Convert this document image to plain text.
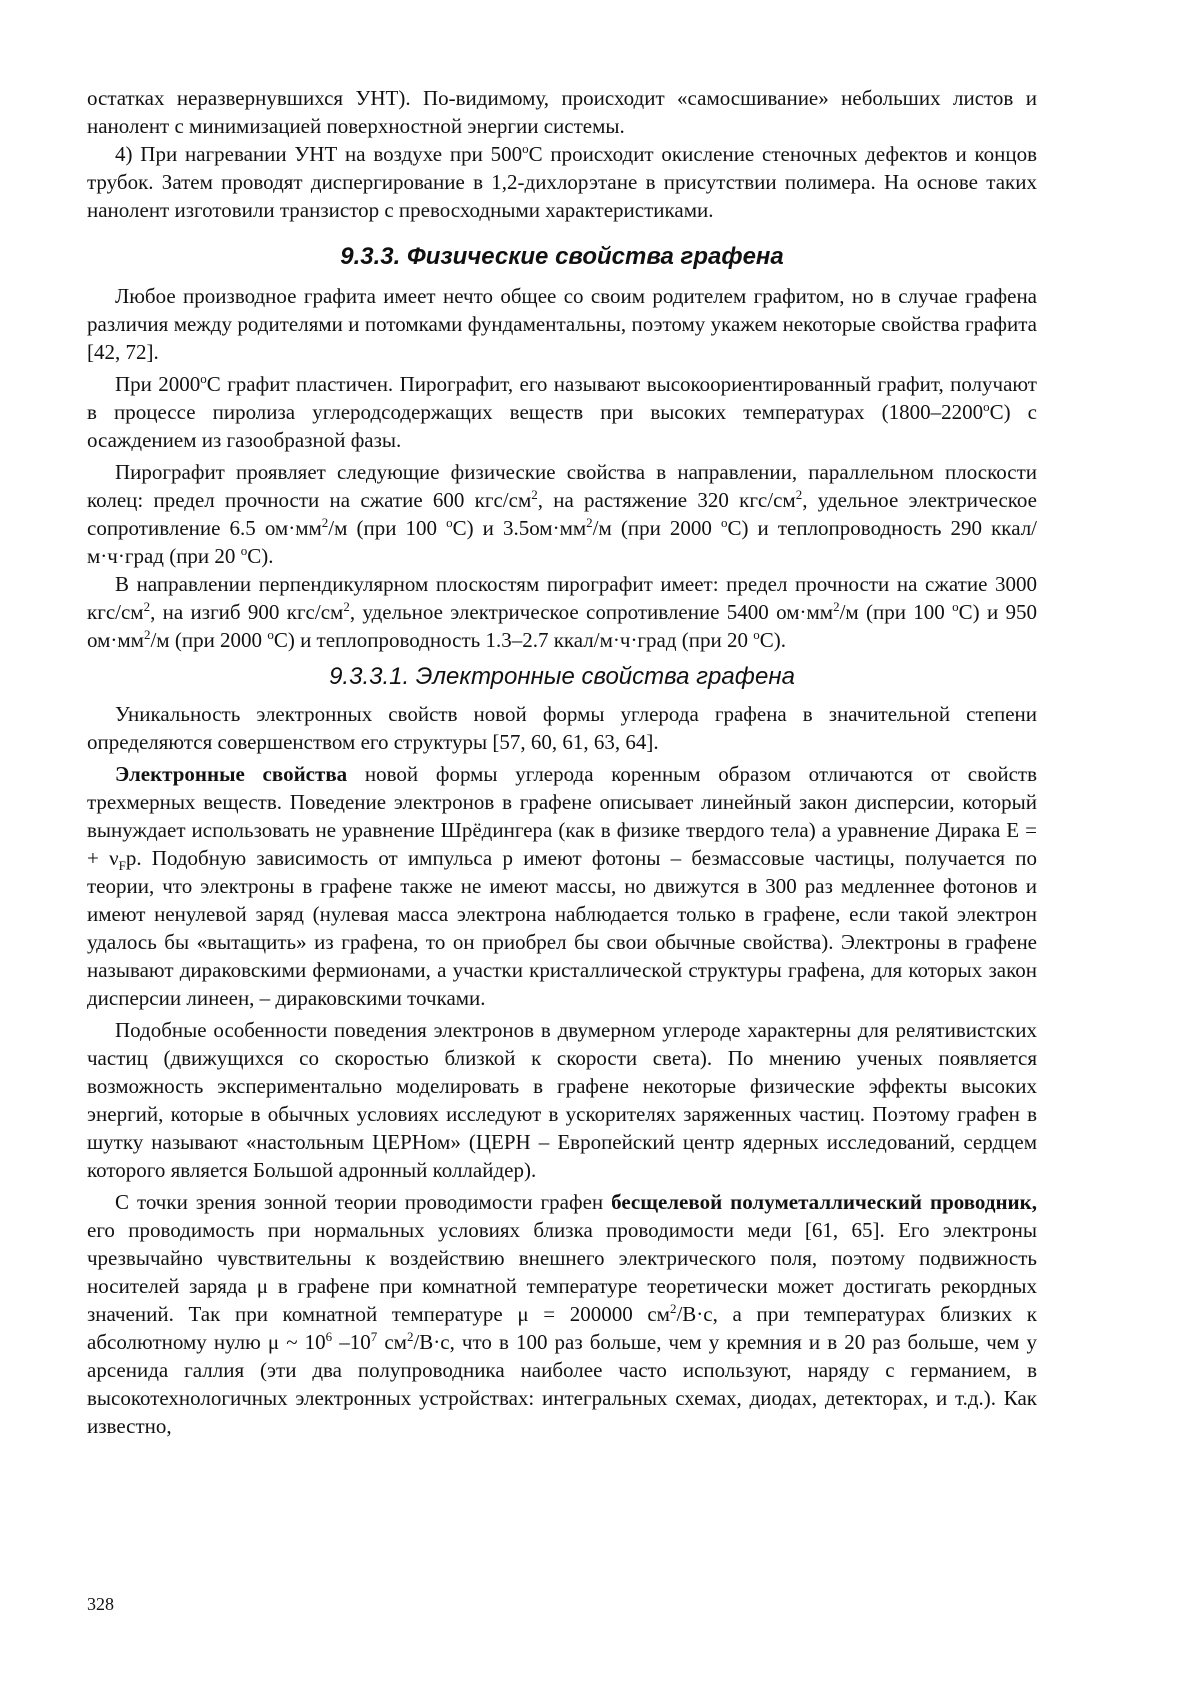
остатках неразвернувшихся УНТ). По-видимому, происходит «самосшивание» небольших листов и нанолент с минимизацией поверхностной энергии системы.

4) При нагревании УНТ на воздухе при 500$^o$С происходит окисление стеночных дефектов и концов трубок. Затем проводят диспергирование в 1,2-дихлорэтане в присутствии полимера. На основе таких нанолент изготовили транзистор с превосходными характеристиками.

9.3.3. Физические свойства графена

Любое производное графита имеет нечто общее со своим родителем графитом, но в случае графена различия между родителями и потомками фундаментальны, поэтому укажем некоторые свойства графита [42, 72].

При 2000$^o$С графит пластичен. Пирографит, его называют высокоориентированный графит, получают в процессе пиролиза углеродсодержащих веществ при высоких температурах (1800–2200$^o$С) с осаждением из газообразной фазы.

Пирографит проявляет следующие физические свойства в направлении, параллельном плоскости колец: предел прочности на сжатие 600 кгс/$см^2$, на растяжение 320 кгс/$см^2$, удельное электрическое сопротивление 6.5 $ом\cdot мм^2/м$ (при 100 $^o$С) и $3.5ом\cdot мм^2/м$ (при 2000 $^o$С) и теплопроводность 290 ккал/м·ч·град (при 20 $^o$С).

В направлении перпендикулярном плоскостям пирографит имеет: предел прочности на сжатие 3000 кгс/$см^2$, на изгиб 900 кгс/$см^2$, удельное электрическое сопротивление 5400 $ом\cdot мм^2/м$ (при 100 $^o$С) и 950 $ом\cdot мм^2/м$ (при 2000 $^o$С) и теплопроводность 1.3–2.7 ккал/м·ч·град (при 20 $^o$С).

9.3.3.1. Электронные свойства графена

Уникальность электронных свойств новой формы углерода графена в значительной степени определяются совершенством его структуры [57, 60, 61, 63, 64].

Электронные свойства новой формы углерода коренным образом отличаются от свойств трехмерных веществ. Поведение электронов в графене описывает линейный закон дисперсии, который вынуждает использовать не уравнение Шрёдингера (как в физике твердого тела) а уравнение Дирака E = + $\nu_Fp$. Подобную зависимость от импульса р имеют фотоны – безмассовые частицы, получается по теории, что электроны в графене также не имеют массы, но движутся в 300 раз медленнее фотонов и имеют ненулевой заряд (нулевая масса электрона наблюдается только в графене, если такой электрон удалось бы «вытащить» из графена, то он приобрел бы свои обычные свойства). Электроны в графене называют дираковскими фермионами, а участки кристаллической структуры графена, для которых закон дисперсии линеен, – дираковскими точками.

Подобные особенности поведения электронов в двумерном углероде характерны для релятивистских частиц (движущихся со скоростью близкой к скорости света). По мнению ученых появляется возможность экспериментально моделировать в графене некоторые физические эффекты высоких энергий, которые в обычных условиях исследуют в ускорителях заряженных частиц. Поэтому графен в шутку называют «настольным ЦЕРНом» (ЦЕРН – Европейский центр ядерных исследований, сердцем которого является Большой адронный коллайдер).

С точки зрения зонной теории проводимости графен бесщелевой полуметаллический проводник, его проводимость при нормальных условиях близка проводимости меди [61, 65]. Его электроны чрезвычайно чувствительны к воздействию внешнего электрического поля, поэтому подвижность носителей заряда μ в графене при комнатной температуре теоретически может достигать рекордных значений. Так при комнатной температуре μ = 200000 $см^2/В\cdot с$, а при температурах близких к абсолютному нулю μ ~ $10^6$ $-10^7$ $см^2/В\cdot с$, что в 100 раз больше, чем у кремния и в 20 раз больше, чем у арсенида галлия (эти два полупроводника наиболее часто используют, наряду с германием, в высокотехнологичных электронных устройствах: интегральных схемах, диодах, детекторах, и т.д.). Как известно,

328
